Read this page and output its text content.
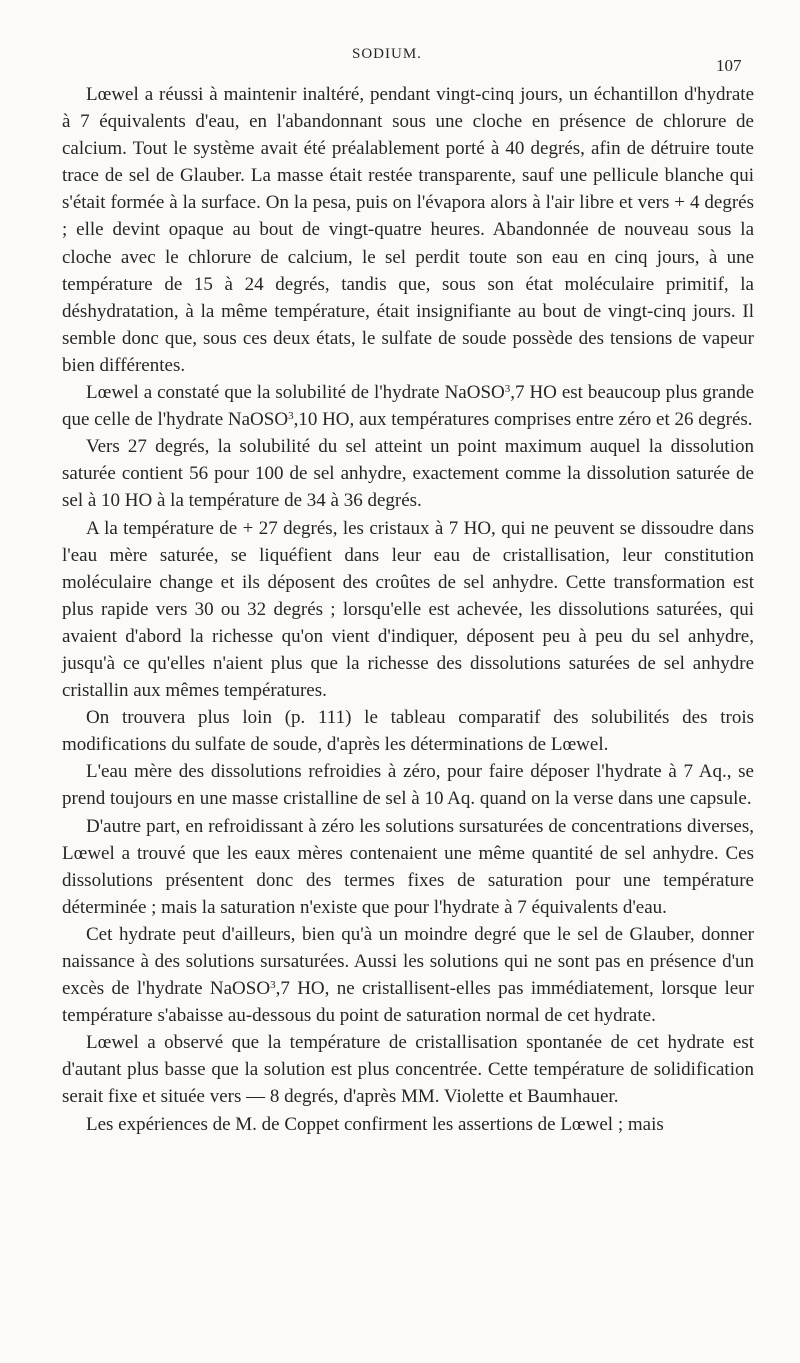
SODIUM.
107

Lœwel a réussi à maintenir inaltéré, pendant vingt-cinq jours, un échantillon d'hydrate à 7 équivalents d'eau, en l'abandonnant sous une cloche en présence de chlorure de calcium. Tout le système avait été préalablement porté à 40 degrés, afin de détruire toute trace de sel de Glauber. La masse était restée transparente, sauf une pellicule blanche qui s'était formée à la surface. On la pesa, puis on l'évapora alors à l'air libre et vers + 4 degrés ; elle devint opaque au bout de vingt-quatre heures. Abandonnée de nouveau sous la cloche avec le chlorure de calcium, le sel perdit toute son eau en cinq jours, à une température de 15 à 24 degrés, tandis que, sous son état moléculaire primitif, la déshydratation, à la même température, était insignifiante au bout de vingt-cinq jours. Il semble donc que, sous ces deux états, le sulfate de soude possède des tensions de vapeur bien différentes.

Lœwel a constaté que la solubilité de l'hydrate NaOSO$^3$,7 HO est beaucoup plus grande que celle de l'hydrate NaOSO$^3$,10 HO, aux températures comprises entre zéro et 26 degrés.

Vers 27 degrés, la solubilité du sel atteint un point maximum auquel la dissolution saturée contient 56 pour 100 de sel anhydre, exactement comme la dissolution saturée de sel à 10 HO à la température de 34 à 36 degrés.

A la température de + 27 degrés, les cristaux à 7 HO, qui ne peuvent se dissoudre dans l'eau mère saturée, se liquéfient dans leur eau de cristallisation, leur constitution moléculaire change et ils déposent des croûtes de sel anhydre. Cette transformation est plus rapide vers 30 ou 32 degrés ; lorsqu'elle est achevée, les dissolutions saturées, qui avaient d'abord la richesse qu'on vient d'indiquer, déposent peu à peu du sel anhydre, jusqu'à ce qu'elles n'aient plus que la richesse des dissolutions saturées de sel anhydre cristallin aux mêmes températures.

On trouvera plus loin (p. 111) le tableau comparatif des solubilités des trois modifications du sulfate de soude, d'après les déterminations de Lœwel.

L'eau mère des dissolutions refroidies à zéro, pour faire déposer l'hydrate à 7 Aq., se prend toujours en une masse cristalline de sel à 10 Aq. quand on la verse dans une capsule.

D'autre part, en refroidissant à zéro les solutions sursaturées de concentrations diverses, Lœwel a trouvé que les eaux mères contenaient une même quantité de sel anhydre. Ces dissolutions présentent donc des termes fixes de saturation pour une température déterminée ; mais la saturation n'existe que pour l'hydrate à 7 équivalents d'eau.

Cet hydrate peut d'ailleurs, bien qu'à un moindre degré que le sel de Glauber, donner naissance à des solutions sursaturées. Aussi les solutions qui ne sont pas en présence d'un excès de l'hydrate NaOSO$^3$,7 HO, ne cristallisent-elles pas immédiatement, lorsque leur température s'abaisse au-dessous du point de saturation normal de cet hydrate.

Lœwel a observé que la température de cristallisation spontanée de cet hydrate est d'autant plus basse que la solution est plus concentrée. Cette température de solidification serait fixe et située vers — 8 degrés, d'après MM. Violette et Baumhauer.

Les expériences de M. de Coppet confirment les assertions de Lœwel ; mais
